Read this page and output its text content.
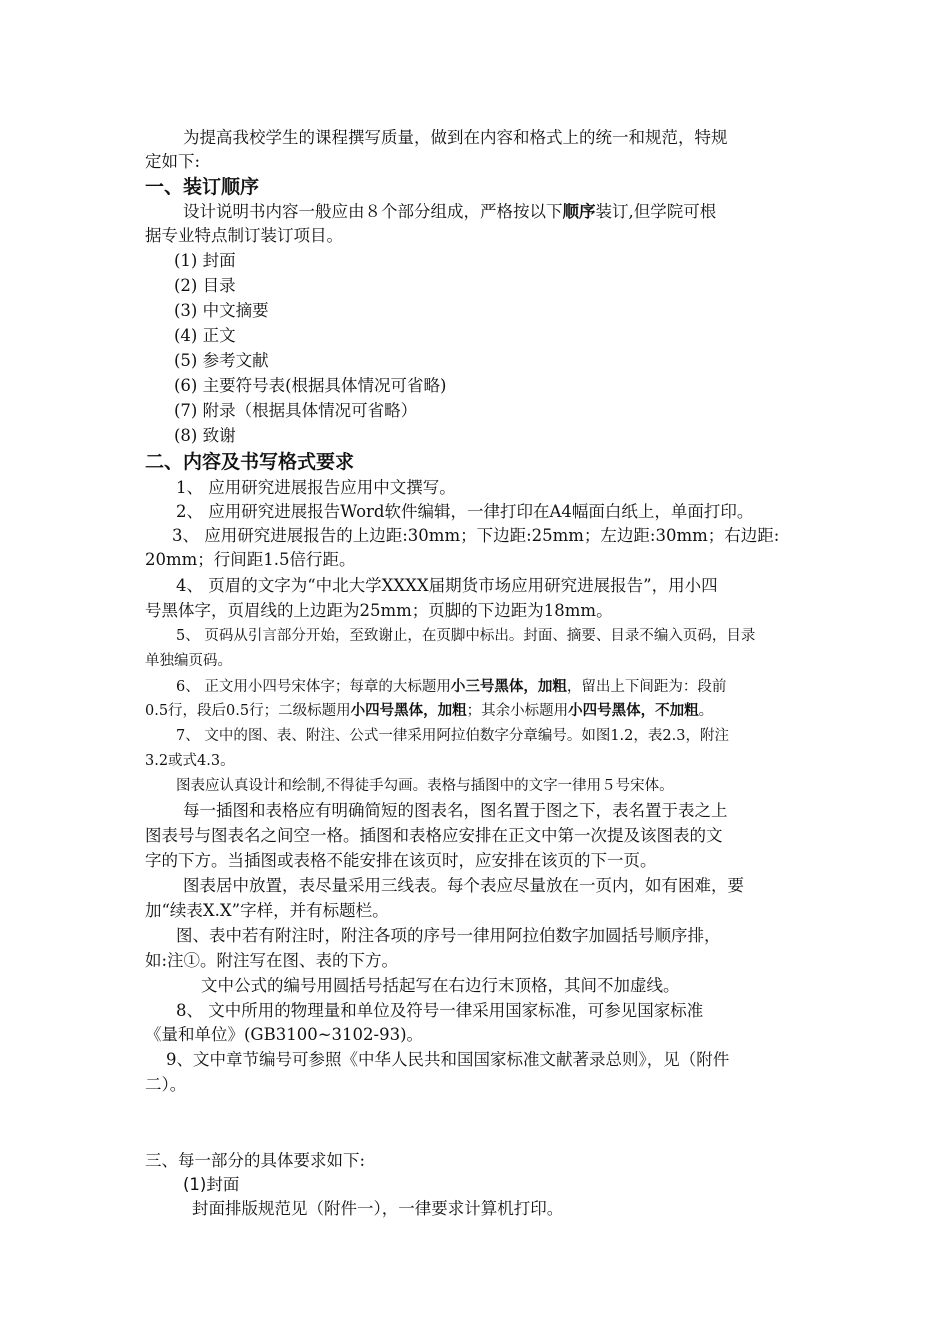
为提高我校学生的课程撰写质量，做到在内容和格式上的统一和规范，特规
定如下:
一、装订顺序
设计说明书内容一般应由８个部分组成，严格按以下顺序装订,但学院可根
据专业特点制订装订项目。
(1) 封面
(2) 目录
(3) 中文摘要
(4) 正文
(5) 参考文献
(6) 主要符号表(根据具体情况可省略)
(7) 附录（根据具体情况可省略）
(8) 致谢
二、内容及书写格式要求
1、 应用研究进展报告应用中文撰写。
2、 应用研究进展报告Word软件编辑，一律打印在A4幅面白纸上，单面打印。
3、 应用研究进展报告的上边距:30mm；下边距:25mm；左边距:30mm；右边距:
20mm；行间距1.5倍行距。
4、 页眉的文字为“中北大学XXXX届期货市场应用研究进展报告”，用小四
号黑体字，页眉线的上边距为25mm；页脚的下边距为18mm。
5、 页码从引言部分开始，至致谢止，在页脚中标出。封面、摘要、目录不编入页码，目录
单独编页码。
6、 正文用小四号宋体字；每章的大标题用小三号黑体，加粗，留出上下间距为：段前
0.5行，段后0.5行；二级标题用小四号黑体，加粗；其余小标题用小四号黑体，不加粗。
7、 文中的图、表、附注、公式一律采用阿拉伯数字分章编号。如图1.2，表2.3，附注
3.2或式4.3。
图表应认真设计和绘制,不得徒手勾画。表格与插图中的文字一律用５号宋体。
每一插图和表格应有明确简短的图表名，图名置于图之下，表名置于表之上
图表号与图表名之间空一格。插图和表格应安排在正文中第一次提及该图表的文
字的下方。当插图或表格不能安排在该页时，应安排在该页的下一页。
图表居中放置，表尽量采用三线表。每个表应尽量放在一页内，如有困难，要
加“续表X.X”字样，并有标题栏。
图、表中若有附注时，附注各项的序号一律用阿拉伯数字加圆括号顺序排，
如:注①。附注写在图、表的下方。
文中公式的编号用圆括号括起写在右边行末顶格，其间不加虚线。
8、 文中所用的物理量和单位及符号一律采用国家标准，可参见国家标准
《量和单位》(GB3100~3102-93)。
9、文中章节编号可参照《中华人民共和国国家标准文献著录总则》，见（附件
二）。
三、每一部分的具体要求如下:
(1)封面
封面排版规范见（附件一），一律要求计算机打印。
